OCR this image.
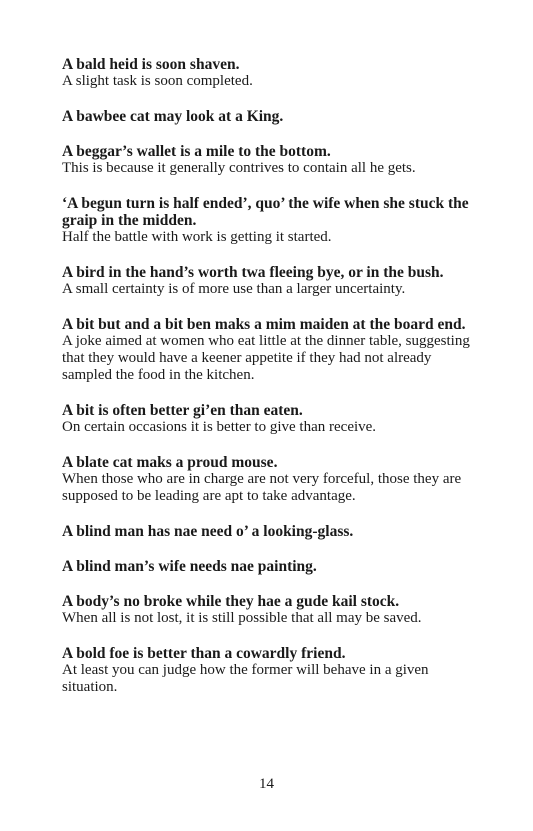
A bald heid is soon shaven.

A slight task is soon completed.

A bawbee cat may look at a King.

A beggar’s wallet is a mile to the bottom.

This is because it generally contrives to contain all he gets.

‘A begun turn is half ended’, quo’ the wife when she stuck the graip in the midden.

Half the battle with work is getting it started.

A bird in the hand’s worth twa fleeing bye, or in the bush.

A small certainty is of more use than a larger uncertainty.

A bit but and a bit ben maks a mim maiden at the board end.

A joke aimed at women who eat little at the dinner table, suggesting that they would have a keener appetite if they had not already sampled the food in the kitchen.

A bit is often better gi’en than eaten.

On certain occasions it is better to give than receive.

A blate cat maks a proud mouse.

When those who are in charge are not very forceful, those they are supposed to be leading are apt to take advantage.

A blind man has nae need o’ a looking-glass.

A blind man’s wife needs nae painting.

A body’s no broke while they hae a gude kail stock.

When all is not lost, it is still possible that all may be saved.

A bold foe is better than a cowardly friend.

At least you can judge how the former will behave in a given situation.

14
